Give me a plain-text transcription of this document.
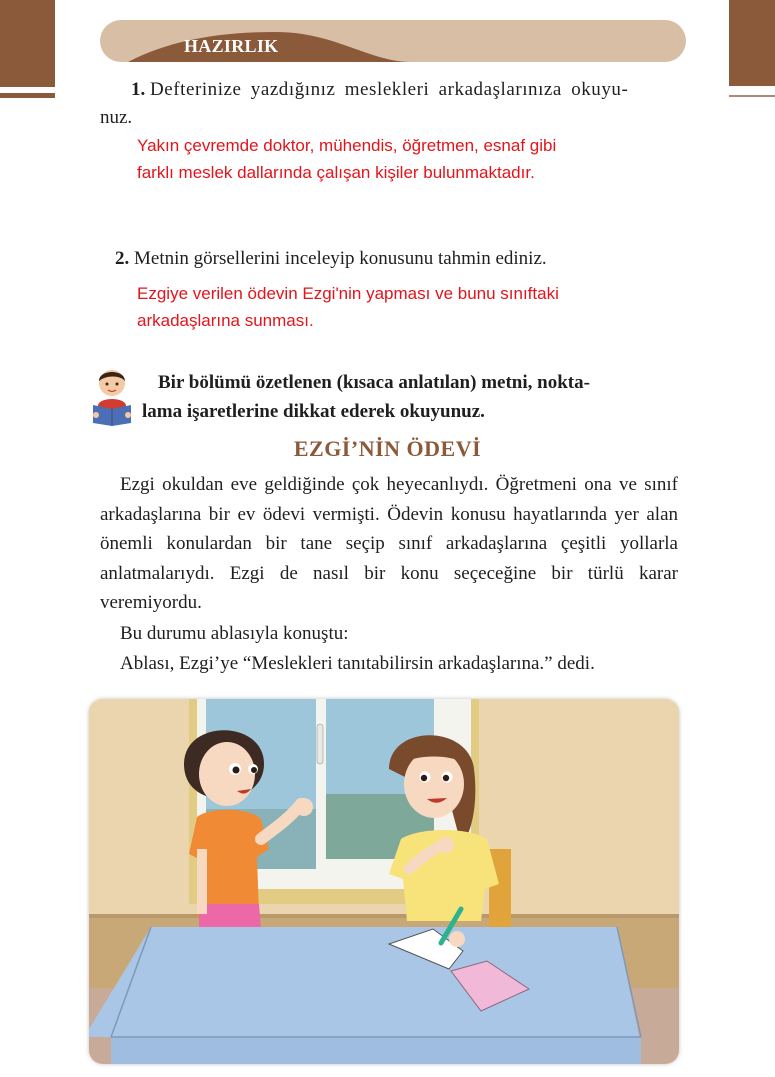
HAZIRLIK
1. Defterinize yazdığınız meslekleri arkadaşlarınıza okuyu-
nuz.
Yakın çevremde doktor, mühendis, öğretmen, esnaf gibi
farklı meslek dallarında çalışan kişiler bulunmaktadır.
2. Metnin görsellerini inceleyip konusunu tahmin ediniz.
Ezgiye verilen ödevin Ezgi'nin yapması ve bunu sınıftaki
arkadaşlarına sunması.
Bir bölümü özetlenen (kısaca anlatılan) metni, nokta-
lama işaretlerine dikkat ederek okuyunuz.
EZGİ’NİN ÖDEVİ

Ezgi okuldan eve geldiğinde çok heyecanlıydı. Öğretmeni ona ve sınıf arkadaşlarına bir ev ödevi vermişti. Ödevin konusu hayatlarında yer alan önemli konulardan bir tane seçip sınıf arkadaşlarına çeşitli yollarla anlatmalarıydı. Ezgi de nasıl bir konu seçeceğine bir türlü karar veremiyordu.

Bu durumu ablasıyla konuştu:

Ablası, Ezgi’ye “Meslekleri tanıtabilirsin arkadaşlarına.” dedi.
